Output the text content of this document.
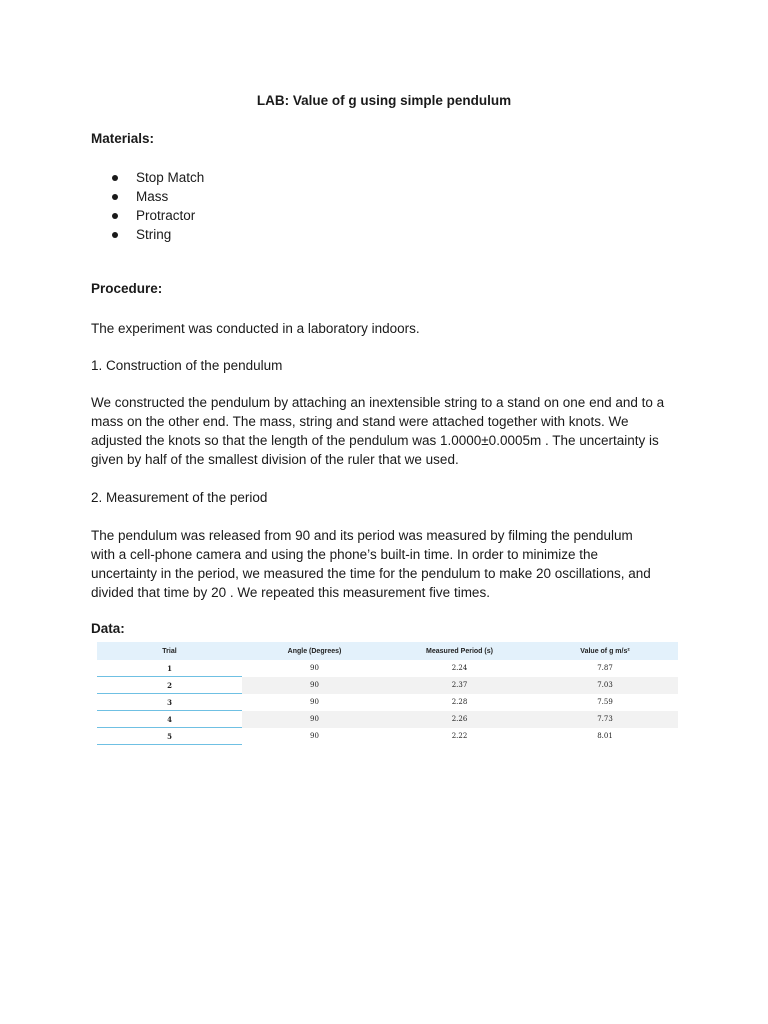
LAB: Value of g using simple pendulum
Materials:
Stop Match
Mass
Protractor
String
Procedure:

The experiment was conducted in a laboratory indoors.

1. Construction of the pendulum

We constructed the pendulum by attaching an inextensible string to a stand on one end and to a
mass on the other end. The mass, string and stand were attached together with knots. We
adjusted the knots so that the length of the pendulum was 1.0000±0.0005m . The uncertainty is
given by half of the smallest division of the ruler that we used.

2. Measurement of the period

The pendulum was released from 90 and its period was measured by filming the pendulum
with a cell-phone camera and using the phone’s built-in time. In order to minimize the
uncertainty in the period, we measured the time for the pendulum to make 20 oscillations, and
divided that time by 20 . We repeated this measurement five times.

Data:
Trial	Angle (Degrees)	Measured Period (s)	Value of g m/s²
1	90	2.24	7.87
2	90	2.37	7.03
3	90	2.28	7.59
4	90	2.26	7.73
5	90	2.22	8.01
